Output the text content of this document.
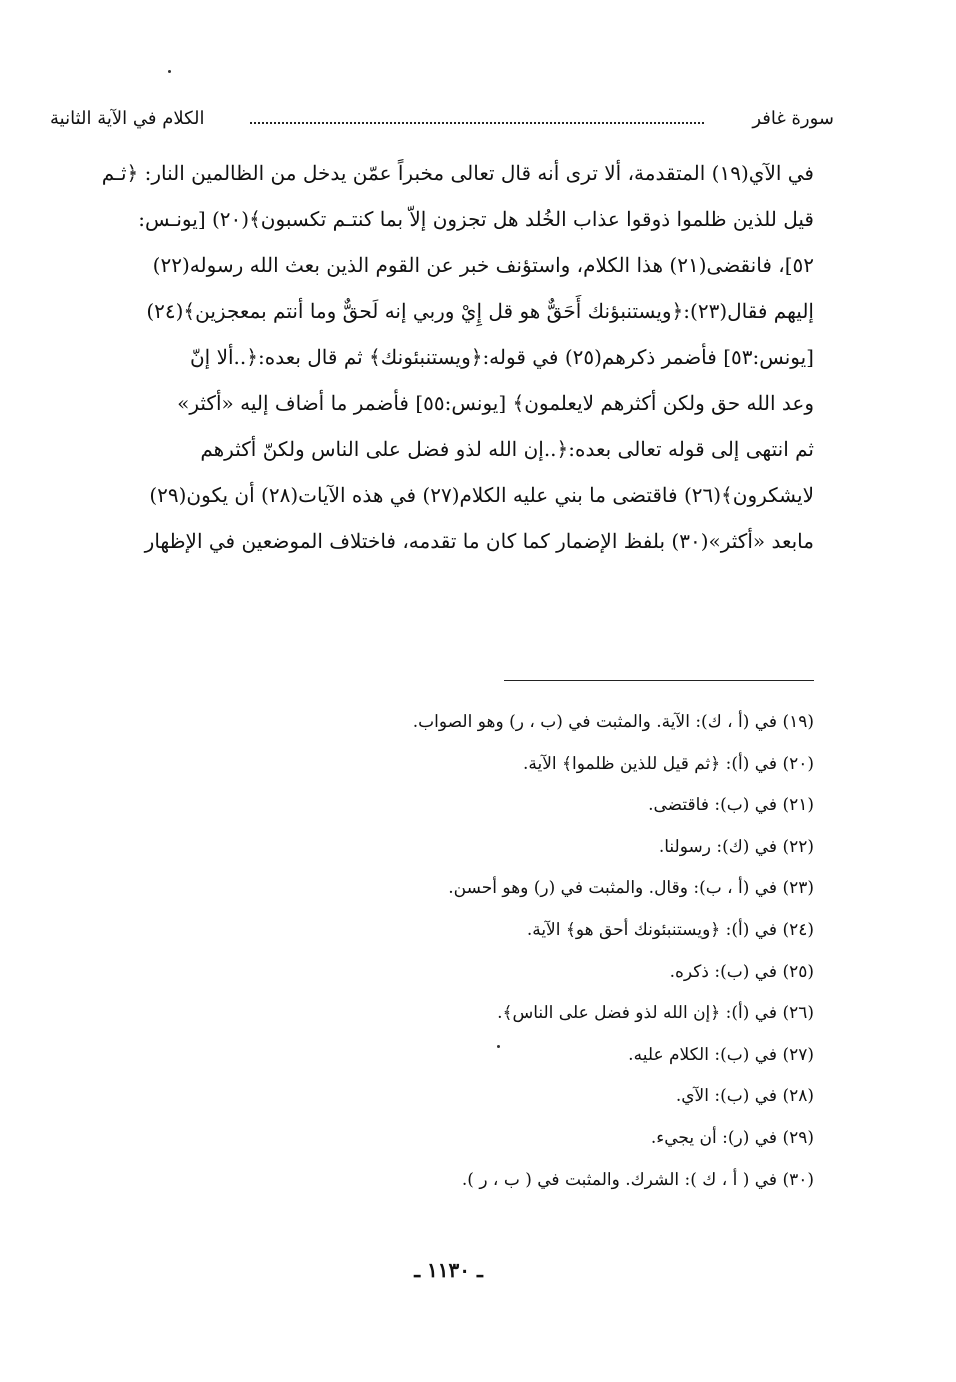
سورة غافر
الكلام في الآية الثانية
في الآي(١٩) المتقدمة، ألا ترى أنه قال تعالى مخبراً عمّن يدخل من الظالمين النار: ﴿ثـم
قيل للذين ظلموا ذوقوا عذاب الخُلد هل تجزون إلاّ بما كنتـم تكسبون﴾(٢٠) [يونـس:
٥٢]، فانقضى(٢١) هذا الكلام، واستؤنف خبر عن القوم الذين بعث الله رسوله(٢٢)
إليهم فقال(٢٣):﴿ويستنبؤنك أَحَقٌّ هو قل إِيْ وربي إنه لَحقٌّ وما أنتم بمعجزين﴾(٢٤)
[يونس:٥٣] فأضمر ذكرهم(٢٥) في قوله:﴿ويستنبئونك﴾ ثم قال بعده:﴿..ألا إنّ
وعد الله حق ولكن أكثرهم لايعلمون﴾ [يونس:٥٥] فأضمر ما أضاف إليه «أكثر»
ثم انتهى إلى قوله تعالى بعده:﴿..إن الله لذو فضل على الناس ولكنّ أكثرهم
لايشكرون﴾(٢٦) فاقتضى ما بني عليه الكلام(٢٧) في هذه الآيات(٢٨) أن يكون(٢٩)
مابعد «أكثر»(٣٠) بلفظ الإضمار كما كان ما تقدمه، فاختلاف الموضعين في الإظهار
(١٩) في (أ ، ك): الآية. والمثبت في (ب ، ر) وهو الصواب.
(٢٠) في (أ): ﴿ثم قيل للذين ظلموا﴾ الآية.
(٢١) في (ب): فاقتضى.
(٢٢) في (ك): رسولنا.
(٢٣) في (أ ، ب): وقال. والمثبت في (ر) وهو أحسن.
(٢٤) في (أ): ﴿ويستنبئونك أحق هو﴾ الآية.
(٢٥) في (ب): ذكره.
(٢٦) في (أ): ﴿إن الله لذو فضل على الناس﴾.
(٢٧) في (ب): الكلام عليه.
(٢٨) في (ب): الآي.
(٢٩) في (ر): أن يجيء.
(٣٠) في ( أ ، ك ): الشرك. والمثبت في ( ب ، ر ).
ـ ١١٣٠ ـ
